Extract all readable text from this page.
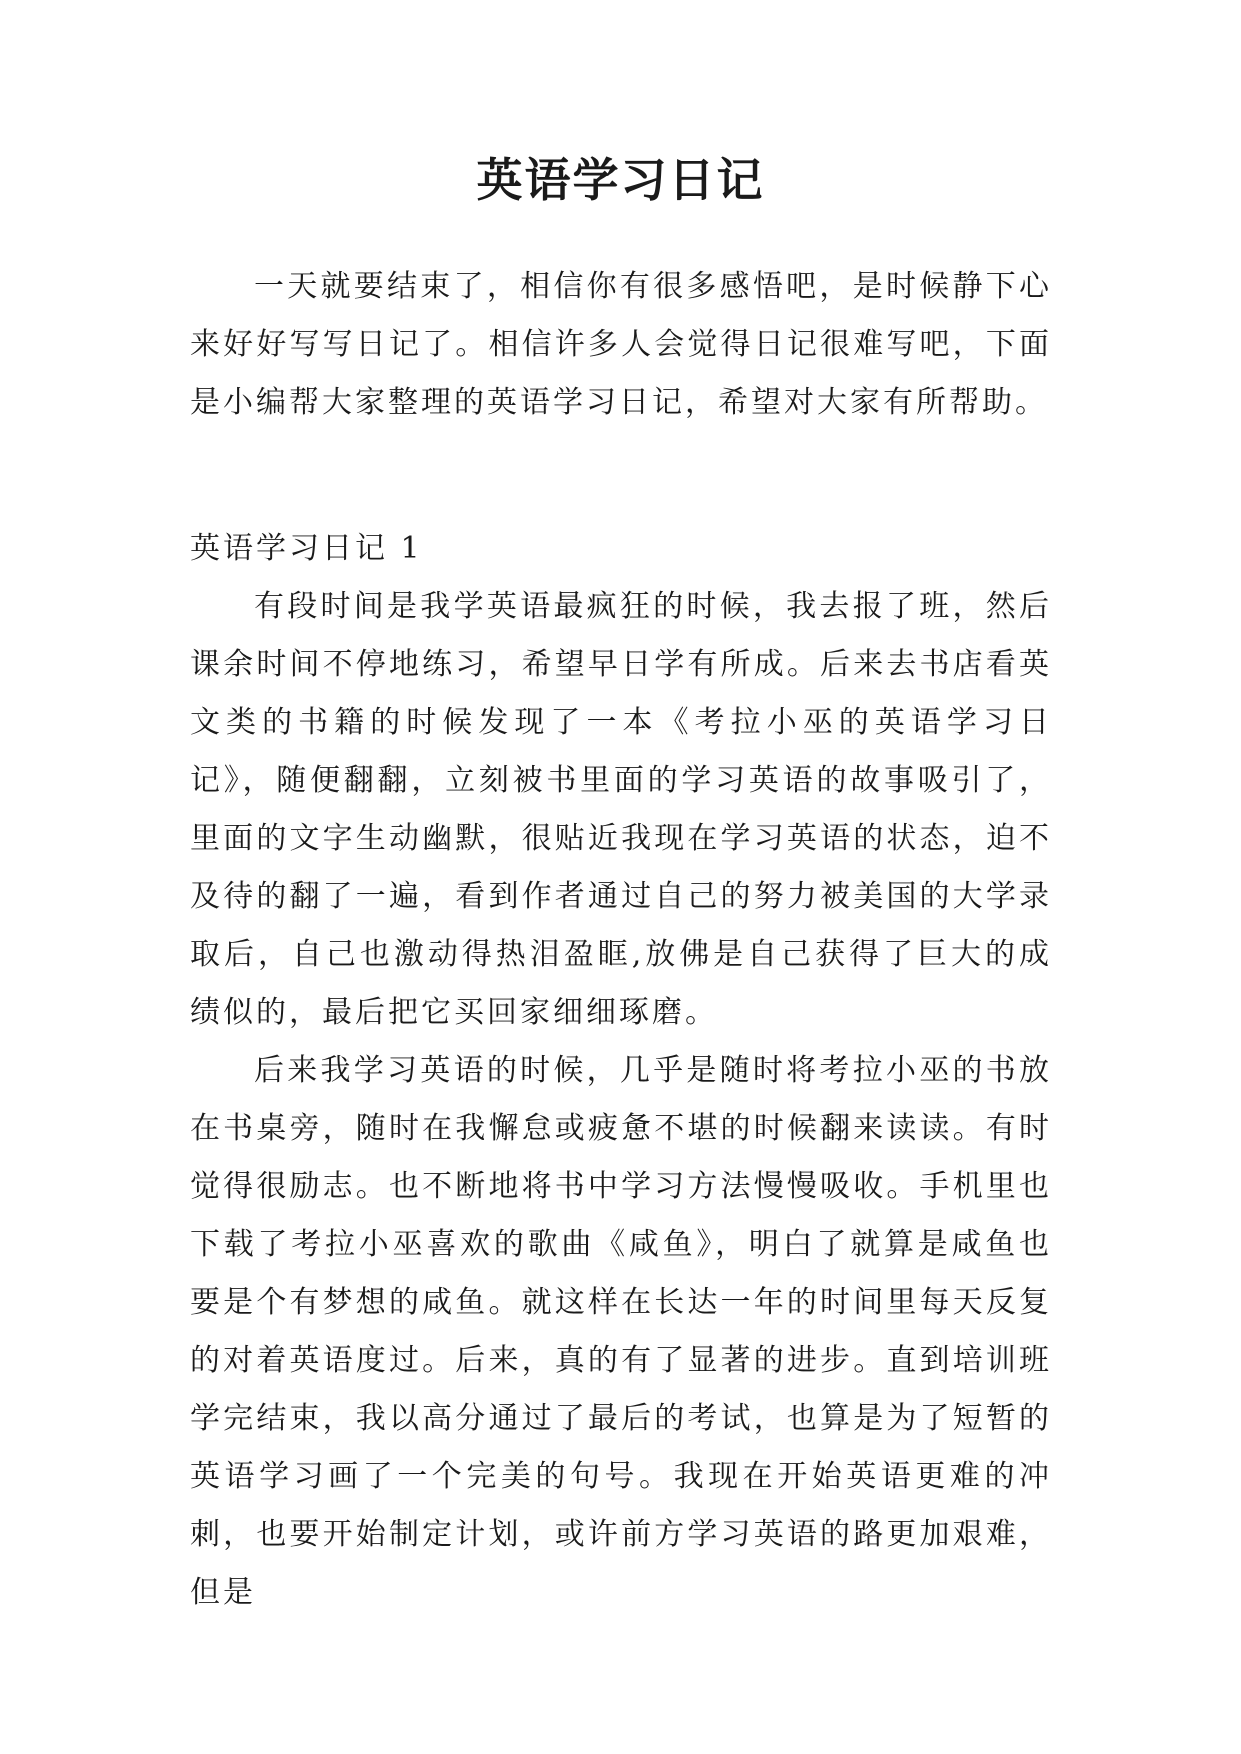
英语学习日记

一天就要结束了，相信你有很多感悟吧，是时候静下心来好好写写日记了。相信许多人会觉得日记很难写吧，下面是小编帮大家整理的英语学习日记，希望对大家有所帮助。

英语学习日记 1

有段时间是我学英语最疯狂的时候，我去报了班，然后课余时间不停地练习，希望早日学有所成。后来去书店看英文类的书籍的时候发现了一本《考拉小巫的英语学习日记》，随便翻翻，立刻被书里面的学习英语的故事吸引了，里面的文字生动幽默，很贴近我现在学习英语的状态，迫不及待的翻了一遍，看到作者通过自己的努力被美国的大学录取后，自己也激动得热泪盈眶,放佛是自己获得了巨大的成绩似的，最后把它买回家细细琢磨。

后来我学习英语的时候，几乎是随时将考拉小巫的书放在书桌旁，随时在我懈怠或疲惫不堪的时候翻来读读。有时觉得很励志。也不断地将书中学习方法慢慢吸收。手机里也下载了考拉小巫喜欢的歌曲《咸鱼》，明白了就算是咸鱼也要是个有梦想的咸鱼。就这样在长达一年的时间里每天反复的对着英语度过。后来，真的有了显著的进步。直到培训班学完结束，我以高分通过了最后的考试，也算是为了短暂的英语学习画了一个完美的句号。我现在开始英语更难的冲刺，也要开始制定计划，或许前方学习英语的路更加艰难，但是
